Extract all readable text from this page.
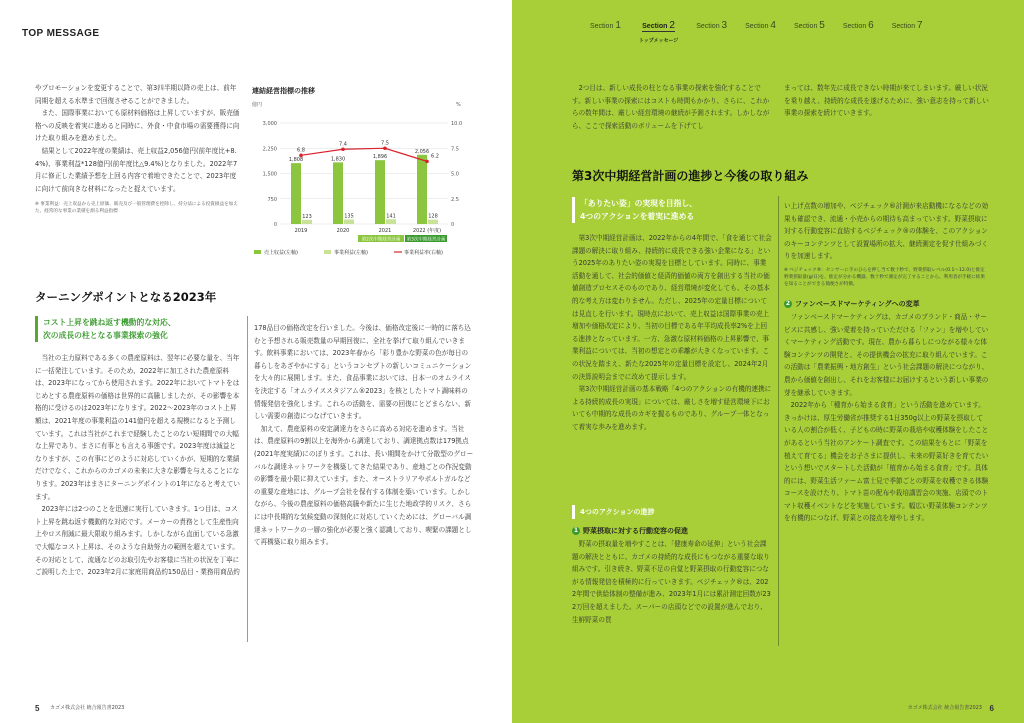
TOP MESSAGE

やプロモーションを変更することで、第3四半期以降の売上は、前年同期を超える水準まで回復させることができました。

また、国際事業においても原材料価格は上昇していますが、販売価格への反映を着実に進めると同時に、外食・中食市場の需要獲得に向けた取り組みを進めました。

結果として2022年度の業績は、売上収益2,056億円(前年度比+8.4%)、事業利益*128億円(前年度比△9.4%)となりました。2022年7月に修正した業績予想を上回る内容で着地できたことで、2023年度に向けて前向きな材料になったと捉えています。

※ 事業利益：売上収益から売上原価、販売及び一般管理費を控除し、持分法による投資損益を加えた、経常的な事業の業績を測る利益指標
連結経営指標の推移
億円	%
3,000	10.0
2,250	7.5
1,500	5.0
750	2.5
0	0
1,808
123
2019
6.8
1,830
135
2020
7.4
1,896
141
2021
7.5
2,056
128
2022 (年度)
6.2
第2次中期経営計画 第3次中期経営計画
売上収益(左軸)	事業利益(左軸)	事業利益率(右軸)
ターニングポイントとなる2023年
コスト上昇を跳ね返す機動的な対応、
次の成長の柱となる事業探索の強化

当社の主力原料である多くの農産原料は、翌年に必要な量を、当年に一括発注しています。そのため、2022年に加工された農産原料は、2023年になってから使用されます。2022年においてトマトをはじめとする農産原料の価格は世界的に高騰しましたが、その影響を本格的に受けるのは2023年になります。2022～2023年のコスト上昇額は、2021年度の事業利益の141億円を超える規模になると予測しています。これは当社がこれまで経験したことのない短期間での大幅な上昇であり、まさに有事とも言える事態です。2023年度は減益となりますが、この有事にどのように対応していくかが、短期的な業績だけでなく、これからのカゴメの未来に大きな影響を与えることになります。2023年はまさにターニングポイントの1年になると考えています。

2023年には2つのことを迅速に実行していきます。1つ目は、コスト上昇を跳ね返す機動的な対応です。メーカーの責務として生産性向上やロス削減に最大限取り組みます。しかしながら直面している急激で大幅なコスト上昇は、そのような自助努力の範囲を超えています。その対応として、流通などのお取引先やお客様に当社の状況を丁寧にご説明した上で、2023年2月に家庭用商品約150品目・業務用商品約

178品目の価格改定を行いました。今後は、価格改定後に一時的に落ち込むと予想される販売数量の早期回復に、全社を挙げて取り組んでいきます。飲料事業においては、2023年春から「彩り豊かな野菜の色が毎日の暮らしをあざやかにする」というコンセプトの新しいコミュニケーションを大々的に展開します。また、食品事業においては、日本一のオムライスを決定する「オムライススタジアム®2023」を核としたトマト調味料の情報発信を強化します。これらの活動を、需要の回復にとどまらない、新しい需要の創造につなげていきます。

加えて、農産原料の安定調達力をさらに高める対応を進めます。当社は、農産原料の9割以上を海外から調達しており、調達拠点数は179拠点(2021年度実績)にのぼります。これは、長い期間をかけて分散型のグローバルな調達ネットワークを構築してきた結果であり、産地ごとの作況変動の影響を最小限に抑えています。また、オーストラリアやポルトガルなどの重要な産地には、グループ会社を保有する体制を築いています。しかしながら、今後の農産原料の価格高騰や新たに生じた地政学的リスク、さらには中長期的な気候変動の深刻化に対応していくためには、グローバル調達ネットワークの一層の強化が必要と強く認識しており、喫緊の課題として再構築に取り組みます。

5 カゴメ株式会社 統合報告書2023
Section 1	Section 2
トップメッセージ
Section 3	Section 4	Section 5	Section 6	Section 7

2つ目は、新しい成長の柱となる事業の探索を強化することです。新しい事業の探索にはコストも時間もかかり、さらに、これからの数年間は、厳しい経営環境の継続が予測されます。しかしながら、ここで探索活動のボリュームを下げてし

まっては、数年先に成長できない時期が来てしまいます。厳しい状況を乗り越え、持続的な成長を遂げるために、強い意志を持って新しい事業の探索を続けていきます。

第3次中期経営計画の進捗と今後の取り組み
「ありたい姿」の実現を目指し、
4つのアクションを着実に進める

第3次中期経営計画は、2022年からの4年間で、「食を通じて社会課題の解決に取り組み、持続的に成長できる強い企業になる」という2025年のありたい姿の実現を目標としています。同時に、事業活動を通して、社会的価値と経済的価値の両方を創出する当社の価値創造プロセスそのものであり、経営環境が変化しても、その基本的な考え方は変わりません。ただし、2025年の定量目標については見直しを行います。現時点において、売上収益は国際事業の売上増加や価格改定により、当初の目標である年平均成長率2%を上回る進捗となっています。一方、急激な原材料価格の上昇影響で、事業利益については、当初の想定との乖離が大きくなっています。この状況を踏まえ、新たな2025年の定量目標を設定し、2024年2月の決算説明会までに改めて提示します。

第3次中期経営計画の基本戦略「4つのアクションの有機的連携による持続的成長の実現」については、厳しさを増す経営環境下においても中期的な成長のカギを握るものであり、グループ一体となって着実な歩みを進めます。

4つのアクションの進捗
1 野菜摂取に対する行動変容の促進

野菜の摂取量を増やすことは、「健康寿命の延伸」という社会課題の解決とともに、カゴメの持続的な成長にもつながる重要な取り組みです。引き続き、野菜不足の自覚と野菜摂取の行動変容につながる情報発信を積極的に行っていきます。ベジチェック®は、2022年間で供給体制の整備が進み、2023年1月には累計測定回数が232万回を超えました。スーパーの店頭などでの設置が進んでおり、生鮮野菜の買

い上げ点数の増加や、ベジチェック®計測が来店動機になるなどの効果も確認でき、流通・小売からの期待も高まっています。野菜摂取に対する行動変容に直結するベジチェック®の体験を、このアクションのキーコンテンツとして設置場所の拡大、継続測定を促す仕組みづくりを加速します。

※ ベジチェック®：センサーに手のひらを押し当て数十秒で、野菜摂取レベル(0.1～12.0)と推定野菜摂取量(g/日)を、推定が分かる機器。数十秒で測定が完了することから、利用者が手軽に結果を知ることができる簡便さが特徴。
2 ファンベースドマーケティングへの変革

ファンベースドマーケティングは、カゴメのブランド・商品・サービスに共感し、強い愛着を持っていただける「ファン」を増やしていくマーケティング活動です。現在、農から暮らしにつながる様々な体験コンテンツの開発と、その提供機会の拡充に取り組んでいます。この活動は「農業振興・地方創生」という社会課題の解決につながり、農から価値を創出し、それをお客様にお届けするという新しい事業の芽を継承していきます。

2022年から「種育から始まる食育」という活動を進めています。きっかけは、厚生労働省が推奨する1日350g以上の野菜を摂取している人の割合が低く、子どもの時に野菜の栽培や収穫体験をしたことがあるという当社のアンケート調査です。この結果をもとに「野菜を植えて育てる」機会をお子さまに提供し、未来の野菜好きを育てたいという想いでスタートした活動が「植育から始まる食育」です。具体的には、野菜生活ファーム富士見で季節ごとの野菜を収穫できる体験コースを設けたり、トマト苗の配布や栽培講習会の実施、店頭でのトマト収穫イベントなどを実施しています。幅広い野菜体験コンテンツを有機的につなげ、野菜との接点を増やします。

カゴメ株式会社 統合報告書2023 6
